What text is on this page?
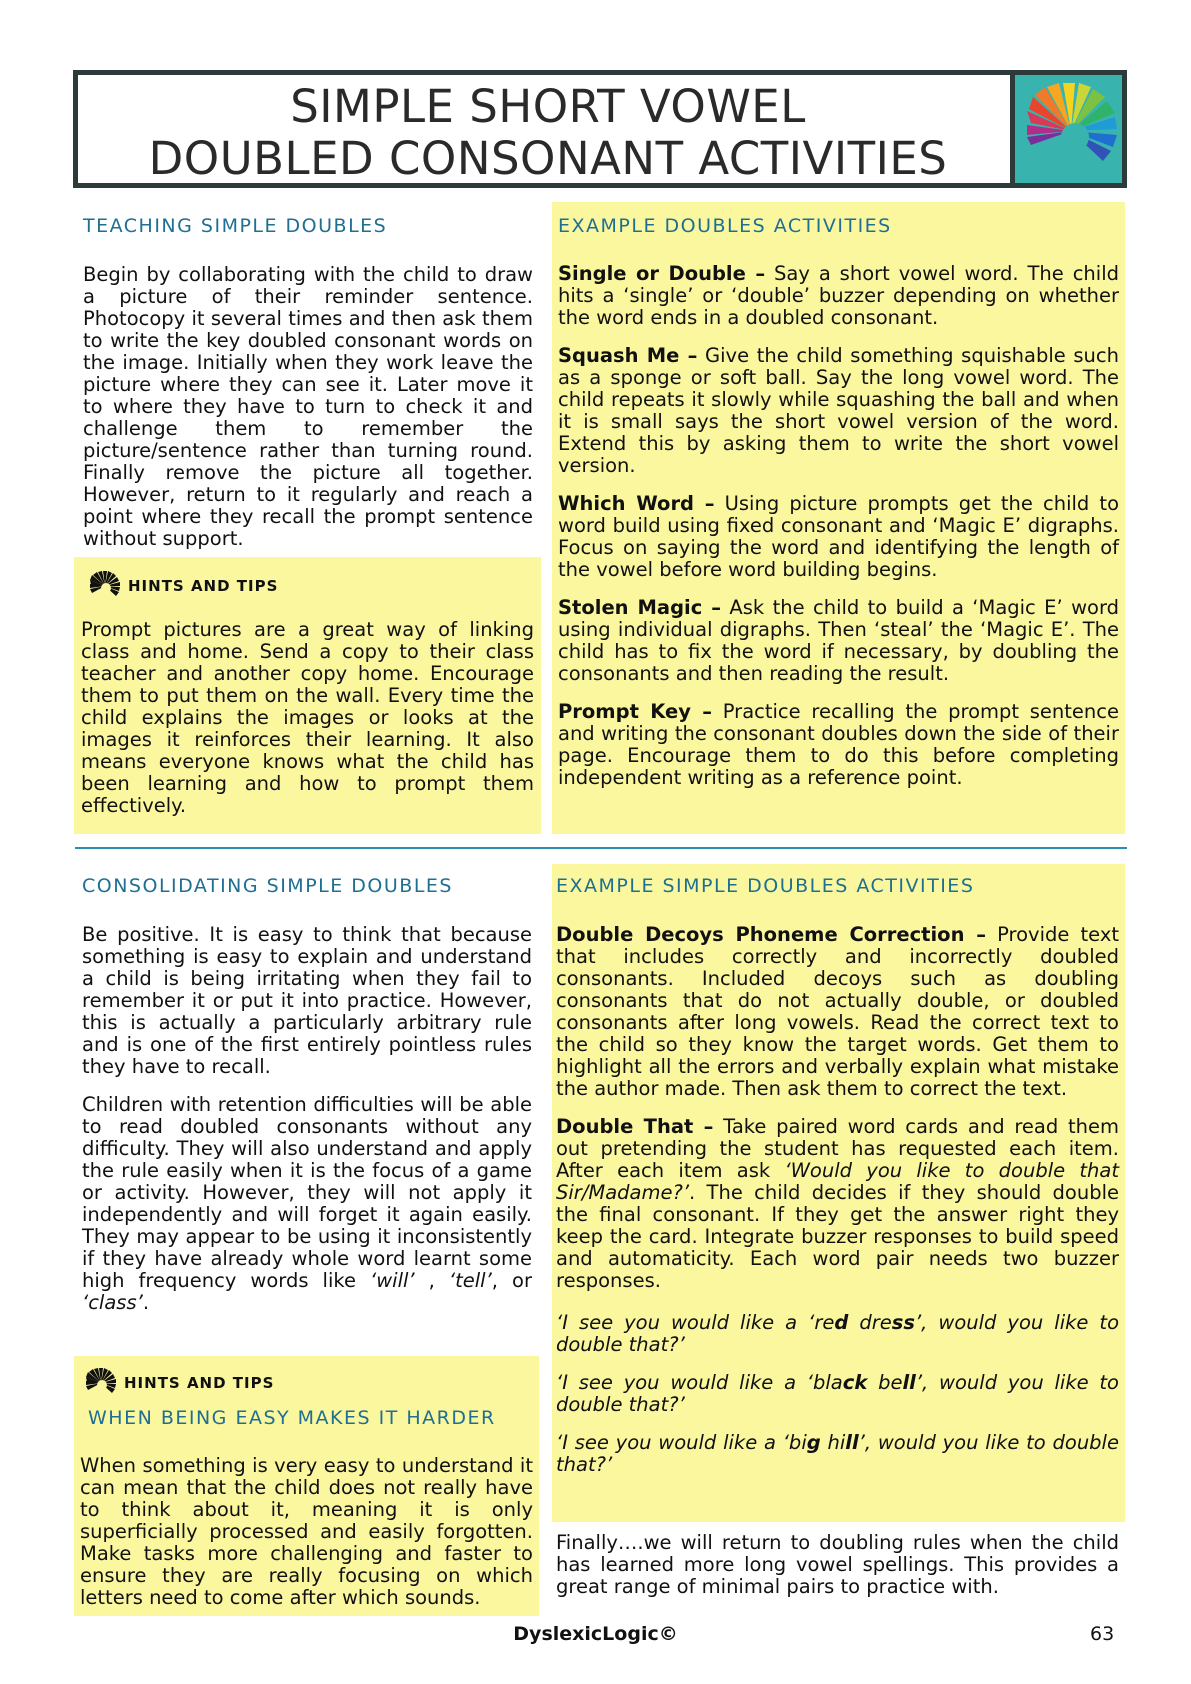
SIMPLE SHORT VOWEL
DOUBLED CONSONANT ACTIVITIES
TEACHING SIMPLE DOUBLES

Begin by collaborating with the child to draw a picture of their reminder sentence. Photocopy it several times and then ask them to write the key doubled consonant words on the image. Initially when they work leave the picture where they can see it. Later move it to where they have to turn to check it and challenge them to remember the picture/sentence rather than turning round. Finally remove the picture all together. However, return to it regularly and reach a point where they recall the prompt sentence without support.

HINTS AND TIPS

Prompt pictures are a great way of linking class and home. Send a copy to their class teacher and another copy home. Encourage them to put them on the wall. Every time the child explains the images or looks at the images it reinforces their learning. It also means everyone knows what the child has been learning and how to prompt them effectively.

EXAMPLE DOUBLES ACTIVITIES

Single or Double – Say a short vowel word. The child hits a ‘single’ or ‘double’ buzzer depending on whether the word ends in a doubled consonant.

Squash Me – Give the child something squishable such as a sponge or soft ball. Say the long vowel word. The child repeats it slowly while squashing the ball and when it is small says the short vowel version of the word. Extend this by asking them to write the short vowel version.

Which Word – Using picture prompts get the child to word build using fixed consonant and ‘Magic E’ digraphs. Focus on saying the word and identifying the length of the vowel before word building begins.

Stolen Magic – Ask the child to build a ‘Magic E’ word using individual digraphs. Then ‘steal’ the ‘Magic E’. The child has to fix the word if necessary, by doubling the consonants and then reading the result.

Prompt Key – Practice recalling the prompt sentence and writing the consonant doubles down the side of their page. Encourage them to do this before completing independent writing as a reference point.

CONSOLIDATING SIMPLE DOUBLES

Be positive. It is easy to think that because something is easy to explain and understand a child is being irritating when they fail to remember it or put it into practice. However, this is actually a particularly arbitrary rule and is one of the first entirely pointless rules they have to recall.

Children with retention difficulties will be able to read doubled consonants without any difficulty. They will also understand and apply the rule easily when it is the focus of a game or activity. However, they will not apply it independently and will forget it again easily. They may appear to be using it inconsistently if they have already whole word learnt some high frequency words like ‘will’ , ‘tell’, or ‘class’.

HINTS AND TIPS
WHEN BEING EASY MAKES IT HARDER

When something is very easy to understand it can mean that the child does not really have to think about it, meaning it is only superficially processed and easily forgotten. Make tasks more challenging and faster to ensure they are really focusing on which letters need to come after which sounds.

EXAMPLE SIMPLE DOUBLES ACTIVITIES

Double Decoys Phoneme Correction – Provide text that includes correctly and incorrectly doubled consonants. Included decoys such as doubling consonants that do not actually double, or doubled consonants after long vowels. Read the correct text to the child so they know the target words. Get them to highlight all the errors and verbally explain what mistake the author made. Then ask them to correct the text.

Double That – Take paired word cards and read them out pretending the student has requested each item. After each item ask ‘Would you like to double that Sir/Madame?’. The child decides if they should double the final consonant. If they get the answer right they keep the card. Integrate buzzer responses to build speed and automaticity. Each word pair needs two buzzer responses.

‘I see you would like a ‘red dress’, would you like to double that?’

‘I see you would like a ‘black bell’, would you like to double that?’

‘I see you would like a ‘big hill’, would you like to double that?’

Finally….we will return to doubling rules when the child has learned more long vowel spellings. This provides a great range of minimal pairs to practice with.

DyslexicLogic©	63
